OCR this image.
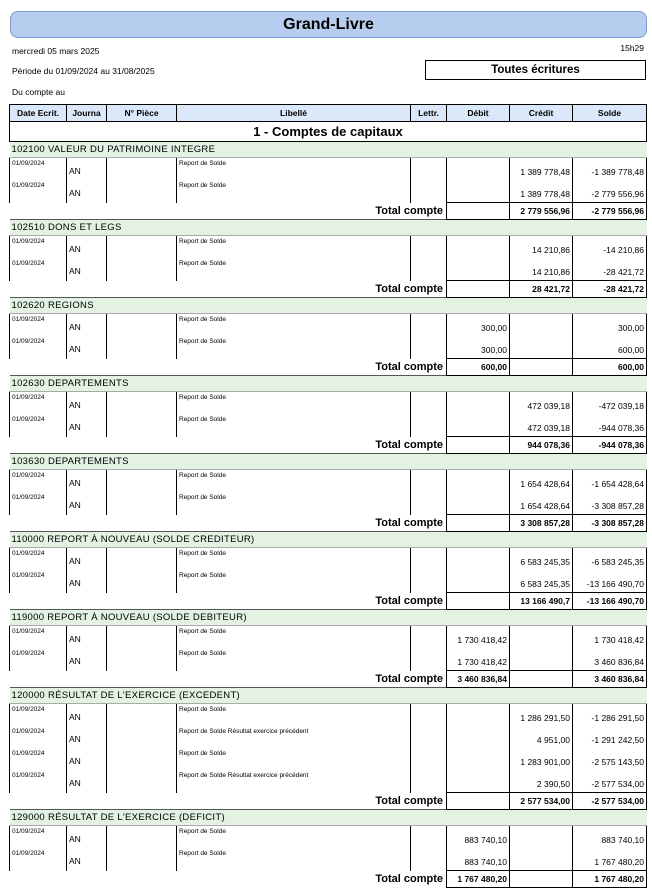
Grand-Livre
mercredi 05 mars 2025	15h29
Période du 01/09/2024 au 31/08/2025	Toutes écritures
Du compte au
Date Ecrit.	Journa	N° Pièce	Libellé	Lettr.	Débit	Crédit	Solde
1 - Comptes de capitaux							
102100 VALEUR DU PATRIMOINE INTEGRE							
01/09/2024	AN		Report de Solde			1 389 778,48	-1 389 778,48
01/09/2024	AN		Report de Solde			1 389 778,48	-2 779 556,96
Total compte						2 779 556,96	-2 779 556,96
102510 DONS ET LEGS							
01/09/2024	AN		Report de Solde			14 210,86	-14 210,86
01/09/2024	AN		Report de Solde			14 210,86	-28 421,72
Total compte						28 421,72	-28 421,72
102620 REGIONS							
01/09/2024	AN		Report de Solde		300,00		300,00
01/09/2024	AN		Report de Solde		300,00		600,00
Total compte					600,00		600,00
102630 DEPARTEMENTS							
01/09/2024	AN		Report de Solde			472 039,18	-472 039,18
01/09/2024	AN		Report de Solde			472 039,18	-944 078,36
Total compte						944 078,36	-944 078,36
103630 DEPARTEMENTS							
01/09/2024	AN		Report de Solde			1 654 428,64	-1 654 428,64
01/09/2024	AN		Report de Solde			1 654 428,64	-3 308 857,28
Total compte						3 308 857,28	-3 308 857,28
110000 REPORT À NOUVEAU (SOLDE CREDITEUR)							
01/09/2024	AN		Report de Solde			6 583 245,35	-6 583 245,35
01/09/2024	AN		Report de Solde			6 583 245,35	-13 166 490,70
Total compte						13 166 490,7	-13 166 490,70
119000 REPORT À NOUVEAU (SOLDE DEBITEUR)							
01/09/2024	AN		Report de Solde		1 730 418,42		1 730 418,42
01/09/2024	AN		Report de Solde		1 730 418,42		3 460 836,84
Total compte					3 460 836,84		3 460 836,84
120000 RÉSULTAT DE L'EXERCICE (EXCEDENT)							
01/09/2024	AN		Report de Solde			1 286 291,50	-1 286 291,50
01/09/2024	AN		Report de Solde Résultat exercice précédent			4 951,00	-1 291 242,50
01/09/2024	AN		Report de Solde			1 283 901,00	-2 575 143,50
01/09/2024	AN		Report de Solde Résultat exercice précédent			2 390,50	-2 577 534,00
Total compte						2 577 534,00	-2 577 534,00
129000 RÉSULTAT DE L'EXERCICE (DEFICIT)							
01/09/2024	AN		Report de Solde		883 740,10		883 740,10
01/09/2024	AN		Report de Solde		883 740,10		1 767 480,20
Total compte					1 767 480,20		1 767 480,20
